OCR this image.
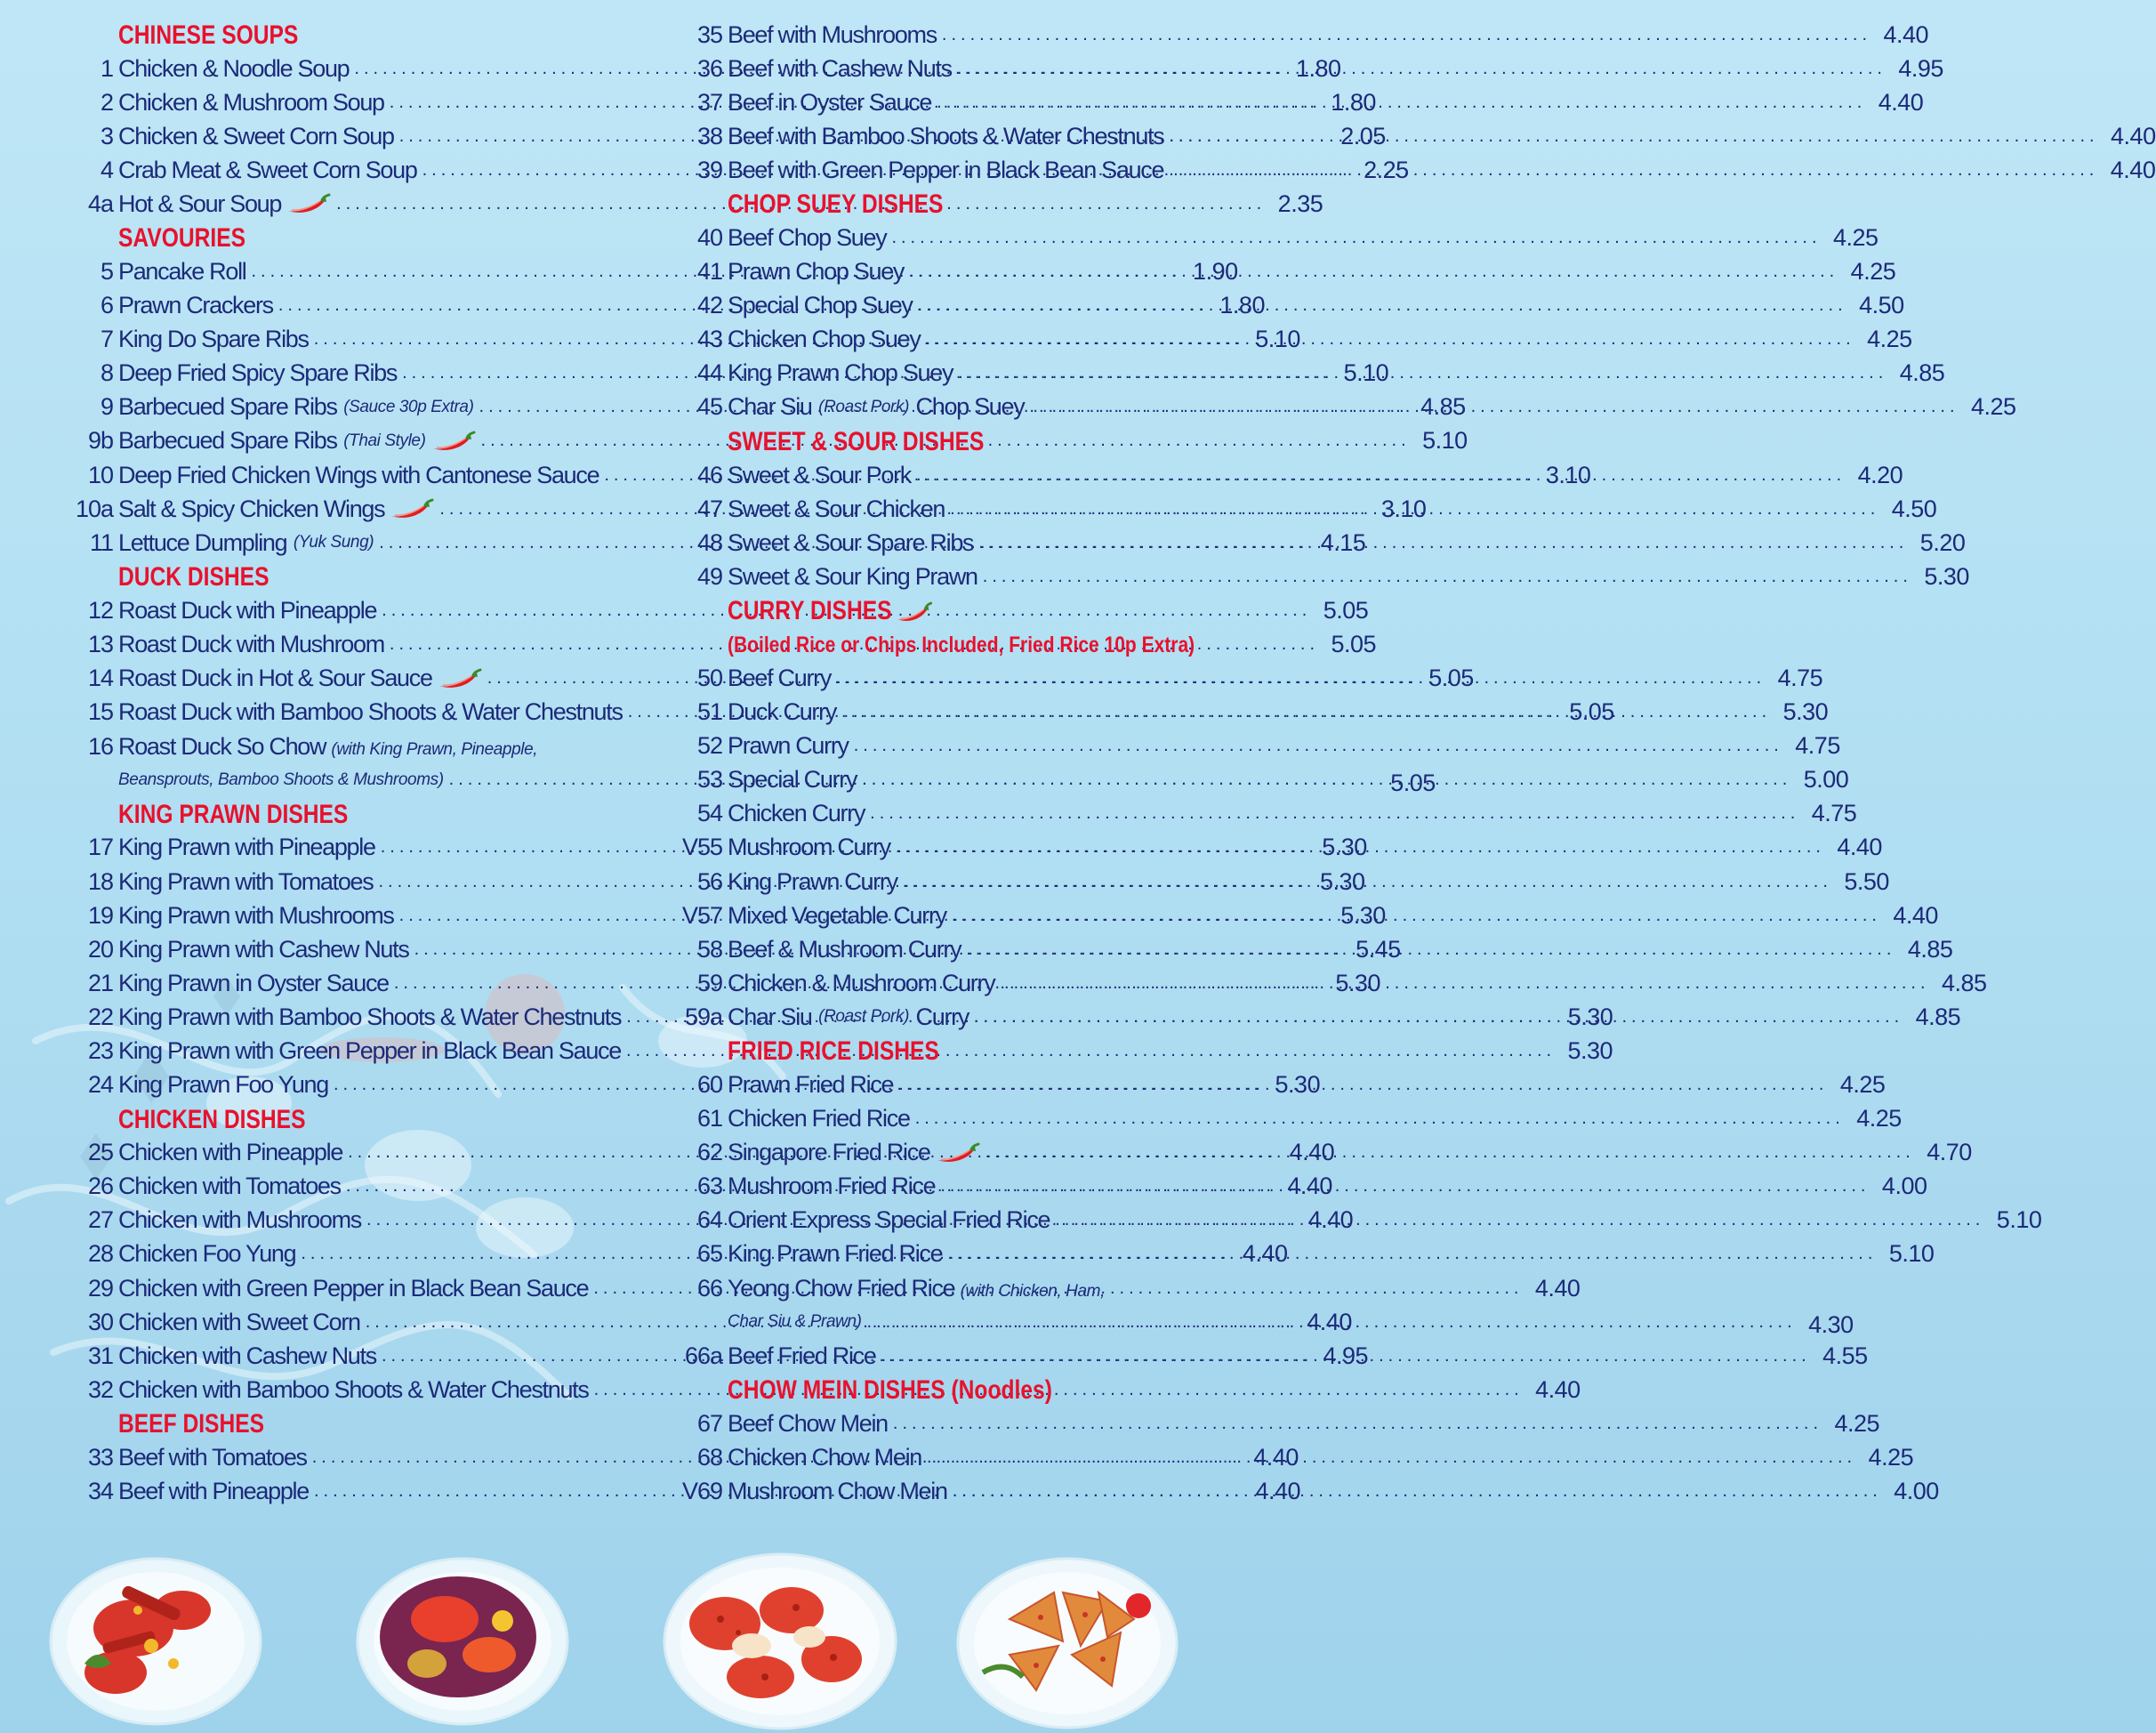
CHINESE SOUPS
1 Chicken & Noodle Soup .....	1.80
2 Chicken & Mushroom Soup .....	1.80
3 Chicken & Sweet Corn Soup .....	2.05
4 Crab Meat & Sweet Corn Soup .....	2.25
4a Hot & Sour Soup .....	2.35
SAVOURIES
5 Pancake Roll .....	1.90
6 Prawn Crackers .....	1.80
7 King Do Spare Ribs .....	5.10
8 Deep Fried Spicy Spare Ribs .....	5.10
9 Barbecued Spare Ribs
(Sauce 30p Extra) .....	4.85
9b Barbecued Spare Ribs
(Thai Style) .....	5.10
10 Deep Fried Chicken Wings with Cantonese Sauce .....	3.10
10a Salt & Spicy Chicken Wings .....	3.10
11 Lettuce Dumpling
(Yuk Sung) .....	4.15
DUCK DISHES
12 Roast Duck with Pineapple .....	5.05
13 Roast Duck with Mushroom .....	5.05
14 Roast Duck in Hot & Sour Sauce .....	5.05
15 Roast Duck with Bamboo Shoots & Water Chestnuts .....	5.05
16 Roast Duck So Chow (with King Prawn, Pineapple,
Beansprouts, Bamboo Shoots & Mushrooms) .....	5.05
KING PRAWN DISHES
17 King Prawn with Pineapple .....	5.30
18 King Prawn with Tomatoes .....	5.30
19 King Prawn with Mushrooms .....	5.30
20 King Prawn with Cashew Nuts .....	5.45
21 King Prawn in Oyster Sauce .....	5.30
22 King Prawn with Bamboo Shoots & Water Chestnuts .....	5.30
23 King Prawn with Green Pepper in Black Bean Sauce .....	5.30
24 King Prawn Foo Yung .....	5.30
CHICKEN DISHES
25 Chicken with Pineapple .....	4.40
26 Chicken with Tomatoes .....	4.40
27 Chicken with Mushrooms .....	4.40
28 Chicken Foo Yung .....	4.40
29 Chicken with Green Pepper in Black Bean Sauce .....	4.40
30 Chicken with Sweet Corn .....	4.40
31 Chicken with Cashew Nuts .....	4.95
32 Chicken with Bamboo Shoots & Water Chestnuts .....	4.40
BEEF DISHES
33 Beef with Tomatoes .....	4.40
34 Beef with Pineapple .....	4.40
35 Beef with Mushrooms .....	4.40
36 Beef with Cashew Nuts .....	4.95
37 Beef in Oyster Sauce .....	4.40
38 Beef with Bamboo Shoots & Water Chestnuts .....	4.40
39 Beef with Green Pepper in Black Bean Sauce .....	4.40
CHOP SUEY DISHES
40 Beef Chop Suey .....	4.25
41 Prawn Chop Suey .....	4.25
42 Special Chop Suey .....	4.50
43 Chicken Chop Suey .....	4.25
44 King Prawn Chop Suey .....	4.85
45 Char Siu
(Roast Pork)
Chop Suey .....	4.25
SWEET & SOUR DISHES
46 Sweet & Sour Pork .....	4.20
47 Sweet & Sour Chicken .....	4.50
48 Sweet & Sour Spare Ribs .....	5.20
49 Sweet & Sour King Prawn .....	5.30
CURRY DISHES
(Boiled Rice or Chips Included, Fried Rice 10p Extra)
50 Beef Curry .....	4.75
51 Duck Curry .....	5.30
52 Prawn Curry .....	4.75
53 Special Curry .....	5.00
54 Chicken Curry .....	4.75
V55 Mushroom Curry .....	4.40
56 King Prawn Curry .....	5.50
V57 Mixed Vegetable Curry .....	4.40
58 Beef & Mushroom Curry .....	4.85
59 Chicken & Mushroom Curry .....	4.85
59a Char Siu
(Roast Pork)
Curry .....	4.85
FRIED RICE DISHES
60 Prawn Fried Rice .....	4.25
61 Chicken Fried Rice .....	4.25
62 Singapore Fried Rice .....	4.70
63 Mushroom Fried Rice .....	4.00
64 Orient Express Special Fried Rice .....	5.10
65 King Prawn Fried Rice .....	5.10
66 Yeong Chow Fried Rice (with Chicken, Ham,
Char Siu & Prawn) .....	4.30
66a Beef Fried Rice .....	4.55
CHOW MEIN DISHES (Noodles)
67 Beef Chow Mein .....	4.25
68 Chicken Chow Mein .....	4.25
V69 Mushroom Chow Mein .....	4.00
